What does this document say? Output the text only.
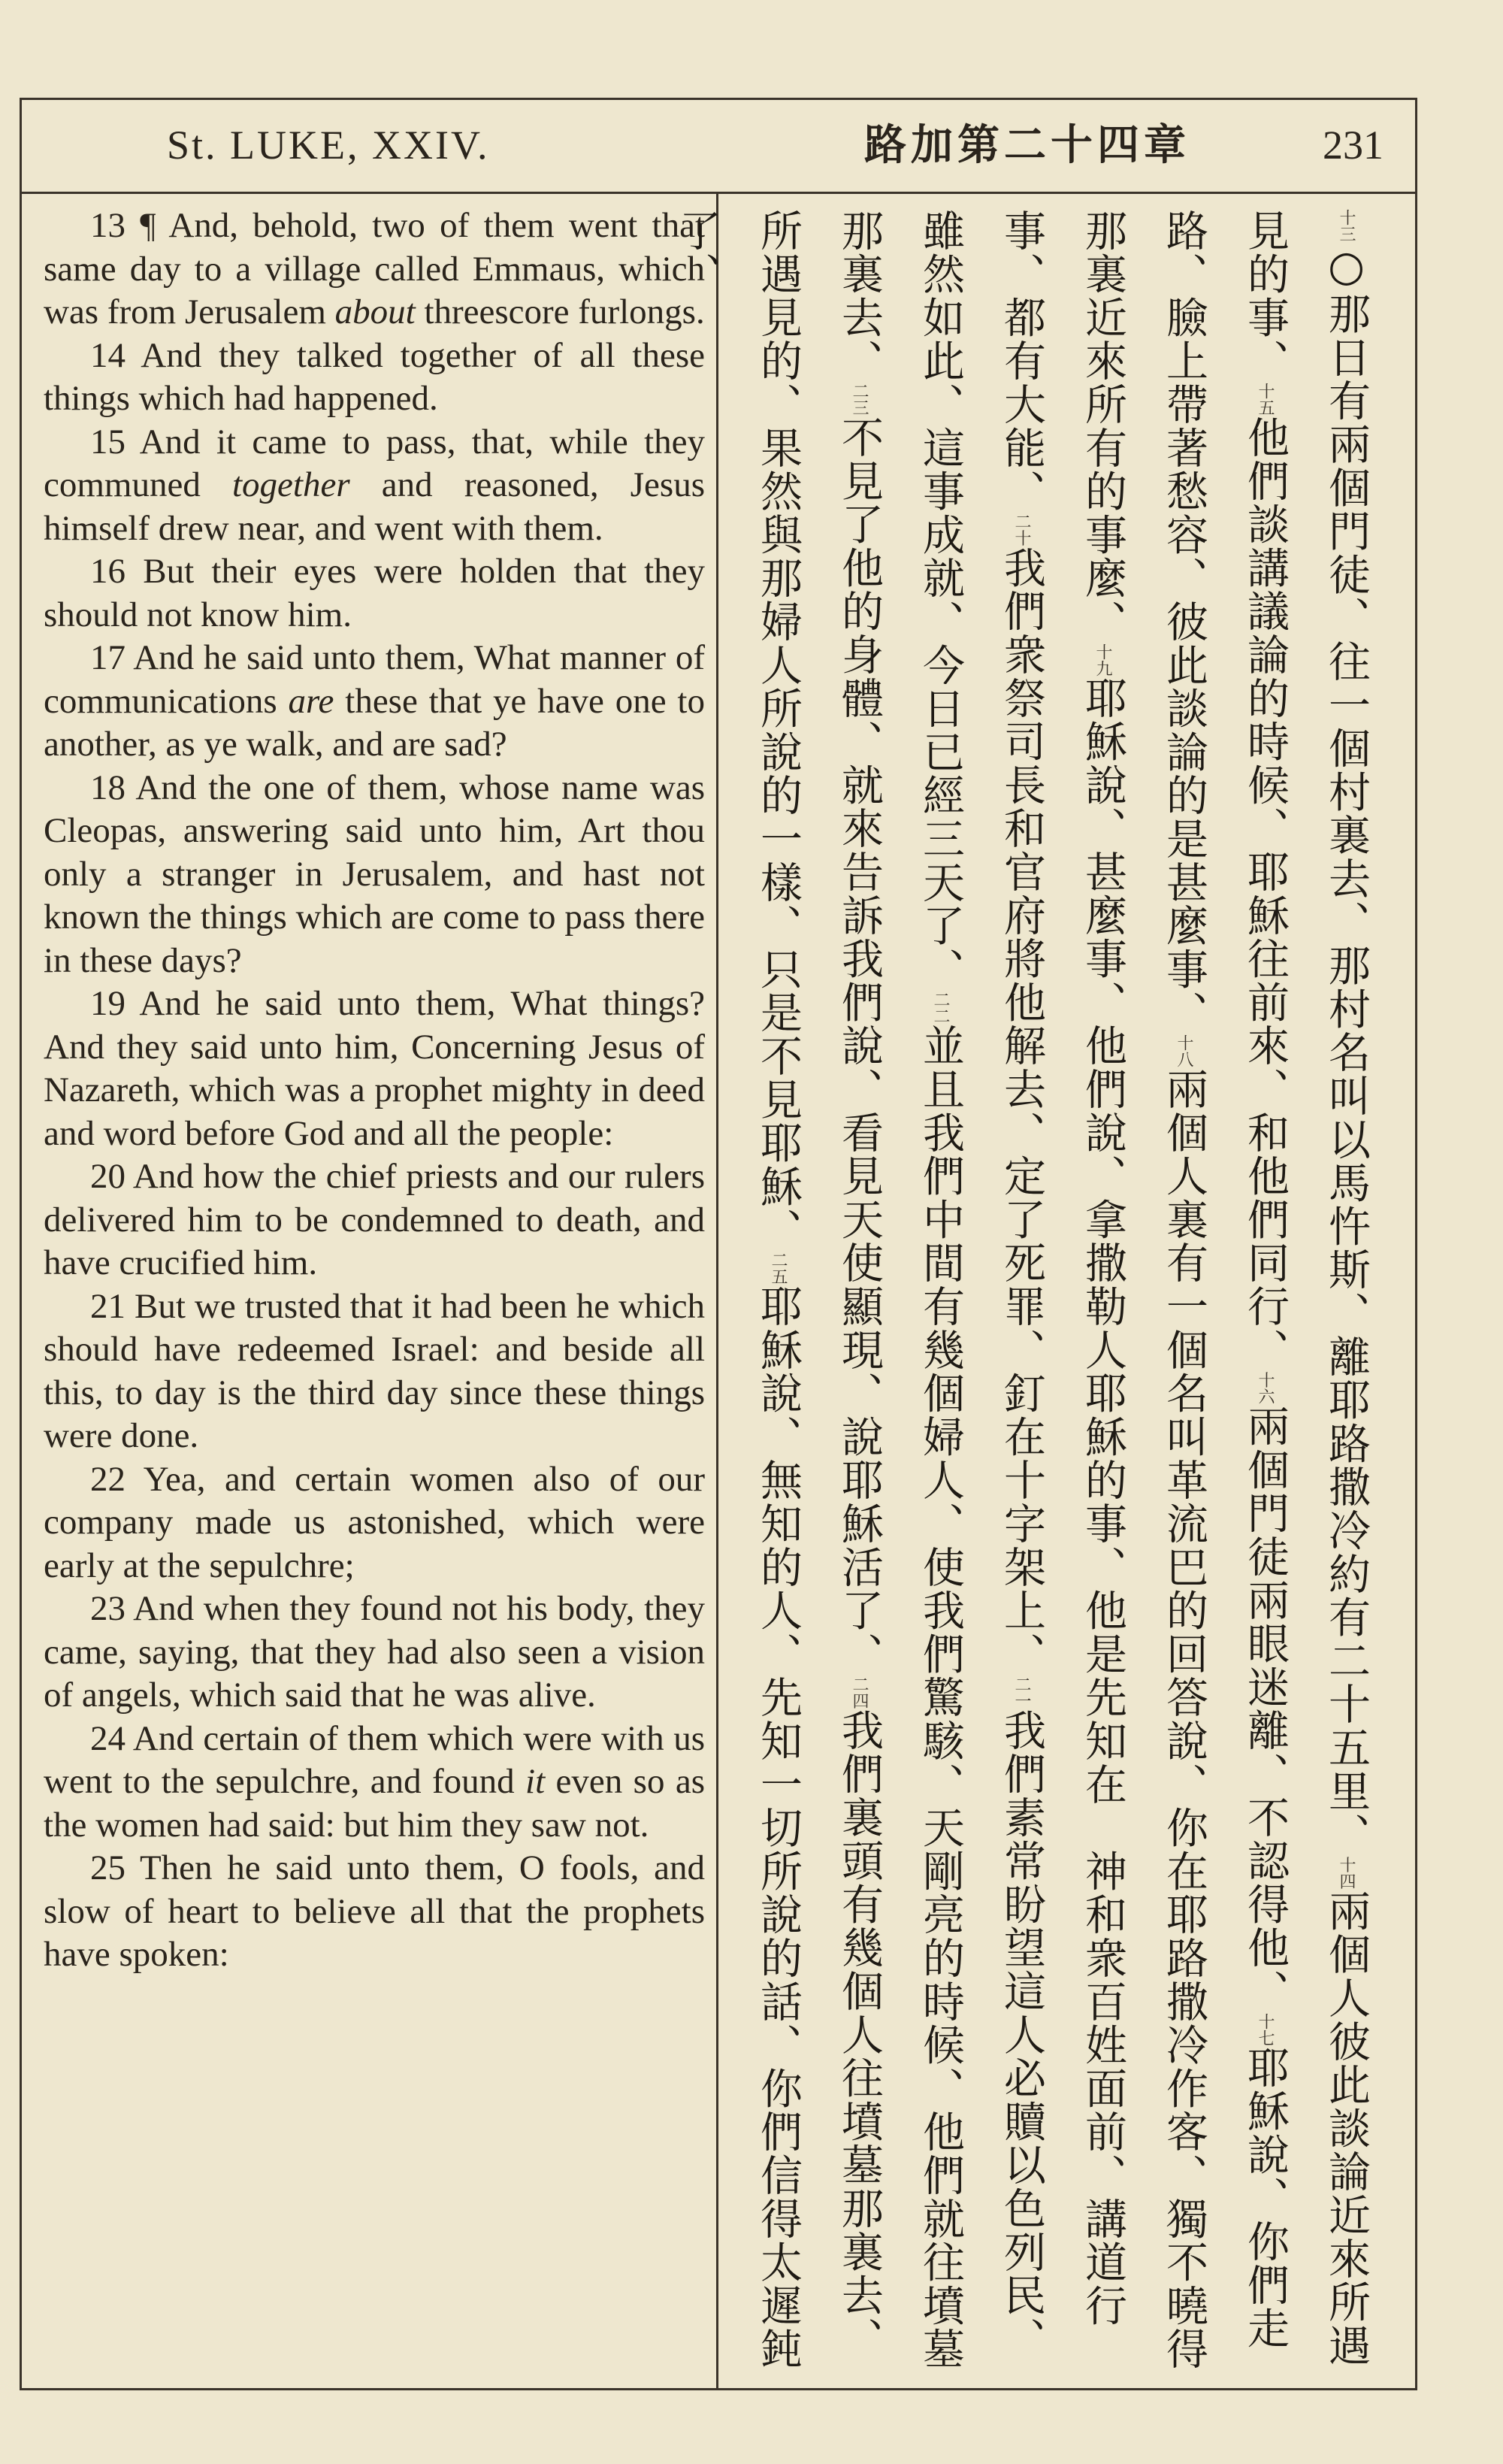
St. LUKE, XXIV.	路加第二十四章	231

13 ¶ And, behold, two of them went that same day to a village called Emmaus, which was from Jerusalem about threescore furlongs.

14 And they talked together of all these things which had happened.

15 And it came to pass, that, while they communed together and reasoned, Jesus himself drew near, and went with them.

16 But their eyes were holden that they should not know him.

17 And he said unto them, What manner of communications are these that ye have one to another, as ye walk, and are sad?

18 And the one of them, whose name was Cleopas, answering said unto him, Art thou only a stranger in Jerusalem, and hast not known the things which are come to pass there in these days?

19 And he said unto them, What things? And they said unto him, Concerning Jesus of Nazareth, which was a prophet mighty in deed and word before God and all the people:

20 And how the chief priests and our rulers delivered him to be condemned to death, and have crucified him.

21 But we trusted that it had been he which should have redeemed Israel: and beside all this, to day is the third day since these things were done.

22 Yea, and certain women also of our company made us astonished, which were early at the sepulchre;

23 And when they found not his body, they came, saying, that they had also seen a vision of angels, which said that he was alive.

24 And certain of them which were with us went to the sepulchre, and found it even so as the women had said: but him they saw not.

25 Then he said unto them, O fools, and slow of heart to believe all that the prophets have spoken:

十三○那日有兩個門徒、往一個村裏去、那村名叫以馬忤斯、離耶路撒冷約有二十五里、十四兩個人彼此談論近來所遇見的事、十五他們談講議論的時候、耶穌往前來、和他們同行、十六兩個門徒兩眼迷離、不認得他、十七耶穌說、你們走路、臉上帶著愁容、彼此談論的是甚麼事、十八兩個人裏有一個名叫革流巴的回答說、你在耶路撒冷作客、獨不曉得那裏近來所有的事麼、十九耶穌說、甚麼事、他們說、拿撒勒人耶穌的事、他是先知在　神和衆百姓面前、講道行事、都有大能、二十我們衆祭司長和官府將他解去、定了死罪、釘在十字架上、二一我們素常盼望這人必贖以色列民、雖然如此、這事成就、今日已經三天了、二二並且我們中間有幾個婦人、使我們驚駭、天剛亮的時候、他們就往墳墓那裏去、二三不見了他的身體、就來告訴我們說、看見天使顯現、說耶穌活了、二四我們裏頭有幾個人往墳墓那裏去、所遇見的、果然與那婦人所說的一樣、只是不見耶穌、二五耶穌說、無知的人、先知一切所說的話、你們信得太遲鈍了、
